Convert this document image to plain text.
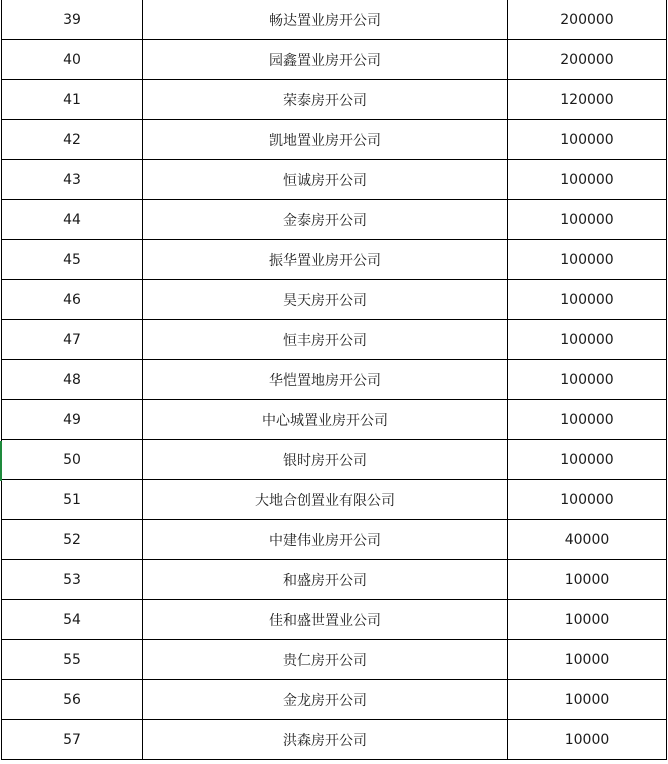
39	畅达置业房开公司	200000
40	园鑫置业房开公司	200000
41	荣泰房开公司	120000
42	凯地置业房开公司	100000
43	恒诚房开公司	100000
44	金泰房开公司	100000
45	振华置业房开公司	100000
46	昊天房开公司	100000
47	恒丰房开公司	100000
48	华恺置地房开公司	100000
49	中心城置业房开公司	100000
50	银时房开公司	100000
51	大地合创置业有限公司	100000
52	中建伟业房开公司	40000
53	和盛房开公司	10000
54	佳和盛世置业公司	10000
55	贵仁房开公司	10000
56	金龙房开公司	10000
57	洪森房开公司	10000
